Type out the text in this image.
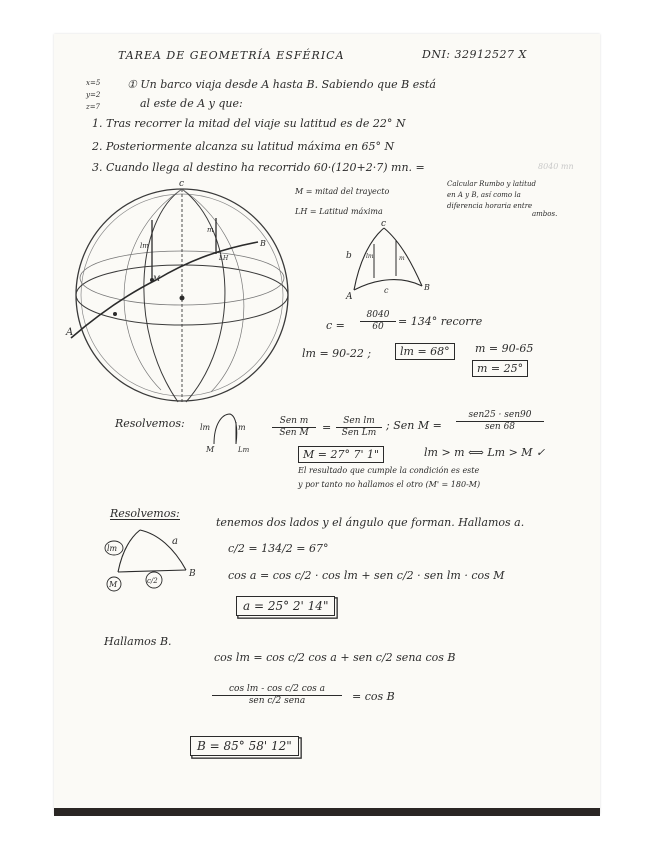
TAREA DE GEOMETRÍA ESFÉRICA	DNI: 32912527 X
x=5
y=2
z=7
① Un barco viaja desde A hasta B. Sabiendo que B está
al este de A y que:
1. Tras recorrer la mitad del viaje su latitud es de 22° N
2. Posteriormente alcanza su latitud máxima en 65° N
3. Cuando llega al destino ha recorrido 60·(120+2·7) mn. =	8040 mn
c
A
B
lm
m
M
LH
M = mitad del trayecto
LH = Latitud máxima
Calcular Rumbo y latitud
en A y B, así como la
diferencia horaria entre
ambos.
c
b lm	m
A
B
c
$c = \frac{8040}{60} = 134^\circ$ recorre
lm = 90-22 ;	lm = 68°	m = 90-65
m = 25°
Resolvemos: lm	m
M	Lm
Sen m
Sen M	=	Sen lm
Sen Lm
; Sen M =
sen25 · sen90
sen 68
M = 27° 7' 1"	lm > m ⟺ Lm > M ✓
El resultado que cumple la condición es este
y por tanto no hallamos el otro (M' = 180-M)
Resolvemos:
lm
a
M	c/2
B
tenemos dos lados y el ángulo que forman. Hallamos a.
c/2 = 134/2 = 67°
cos a = cos c/2 · cos lm + sen c/2 · sen lm · cos M
a = 25° 2' 14"
Hallamos B.
cos lm = cos c/2 cos a + sen c/2 sena cos B
cos lm - cos c/2 cos a
sen c/2 sena	= cos B
B = 85° 58' 12"
